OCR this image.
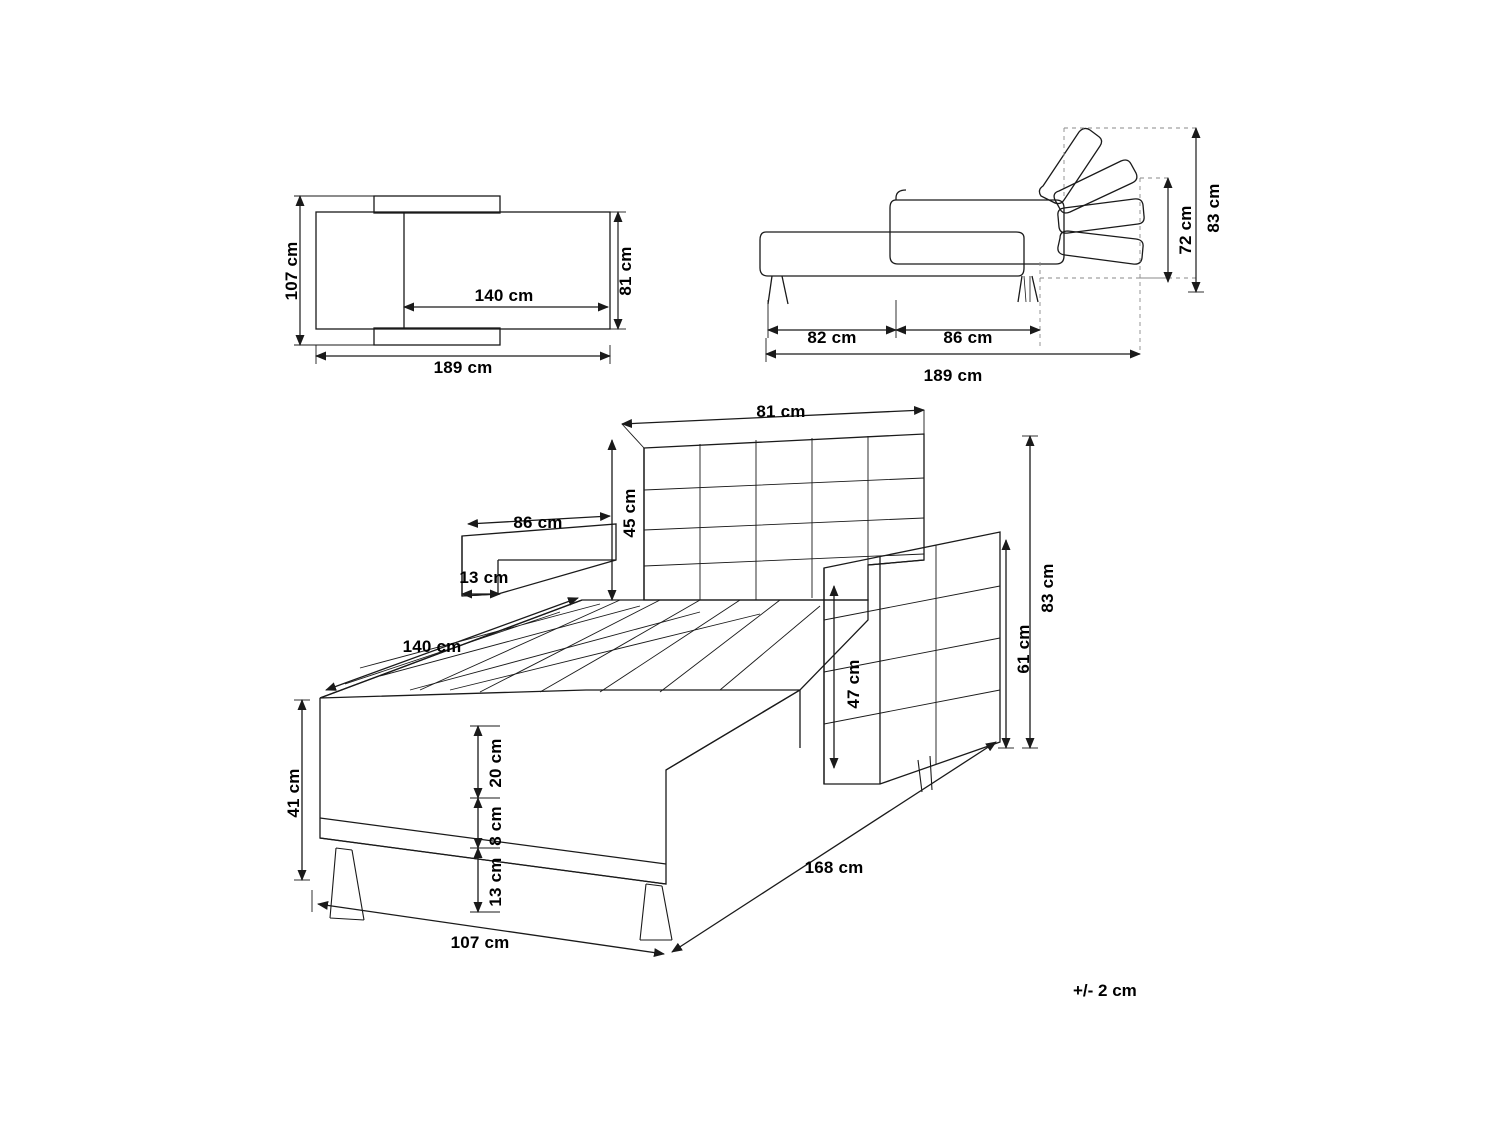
107 cm	81 cm
140 cm
189 cm
83 cm
72 cm
82 cm	86 cm
189 cm
81 cm
86 cm	45 cm
13 cm
140 cm
47 cm
61 cm
83 cm
41 cm
20 cm
8 cm
13 cm	168 cm
107 cm
+/- 2 cm
